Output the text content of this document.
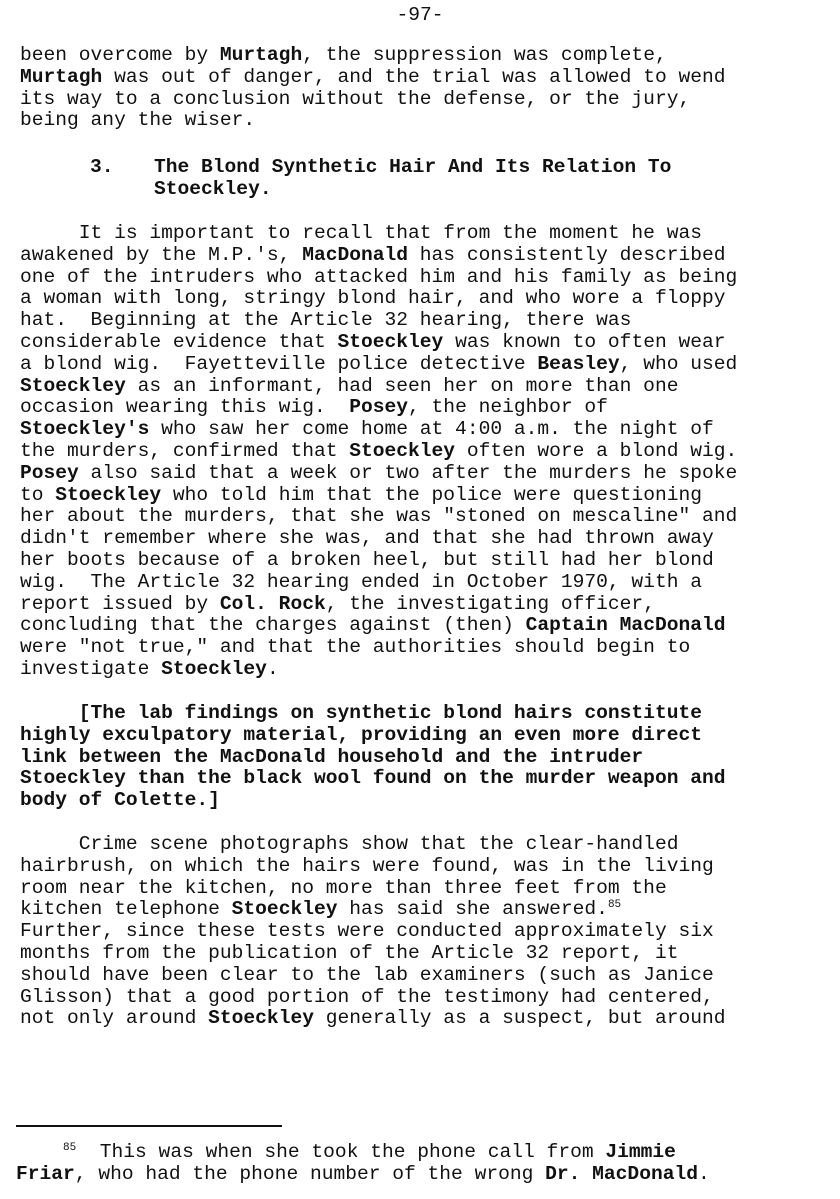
-97-
been overcome by Murtagh, the suppression was complete,
Murtagh was out of danger, and the trial was allowed to wend
its way to a conclusion without the defense, or the jury,
being any the wiser.
3.	The Blond Synthetic Hair And Its Relation To
Stoeckley.
It is important to recall that from the moment he was
awakened by the M.P.'s, MacDonald has consistently described
one of the intruders who attacked him and his family as being
a woman with long, stringy blond hair, and who wore a floppy
hat.  Beginning at the Article 32 hearing, there was
considerable evidence that Stoeckley was known to often wear
a blond wig.  Fayetteville police detective Beasley, who used
Stoeckley as an informant, had seen her on more than one
occasion wearing this wig.  Posey, the neighbor of
Stoeckley's who saw her come home at 4:00 a.m. the night of
the murders, confirmed that Stoeckley often wore a blond wig.
Posey also said that a week or two after the murders he spoke
to Stoeckley who told him that the police were questioning
her about the murders, that she was "stoned on mescaline" and
didn't remember where she was, and that she had thrown away
her boots because of a broken heel, but still had her blond
wig.  The Article 32 hearing ended in October 1970, with a
report issued by Col. Rock, the investigating officer,
concluding that the charges against (then) Captain MacDonald
were "not true," and that the authorities should begin to
investigate Stoeckley.
[The lab findings on synthetic blond hairs constitute
highly exculpatory material, providing an even more direct
link between the MacDonald household and the intruder
Stoeckley than the black wool found on the murder weapon and
body of Colette.]
Crime scene photographs show that the clear-handled
hairbrush, on which the hairs were found, was in the living
room near the kitchen, no more than three feet from the
kitchen telephone Stoeckley has said she answered.$^{85}$
Further, since these tests were conducted approximately six
months from the publication of the Article 32 report, it
should have been clear to the lab examiners (such as Janice
Glisson) that a good portion of the testimony had centered,
not only around Stoeckley generally as a suspect, but around
$^{85}$  This was when she took the phone call from Jimmie
Friar, who had the phone number of the wrong Dr. MacDonald.
